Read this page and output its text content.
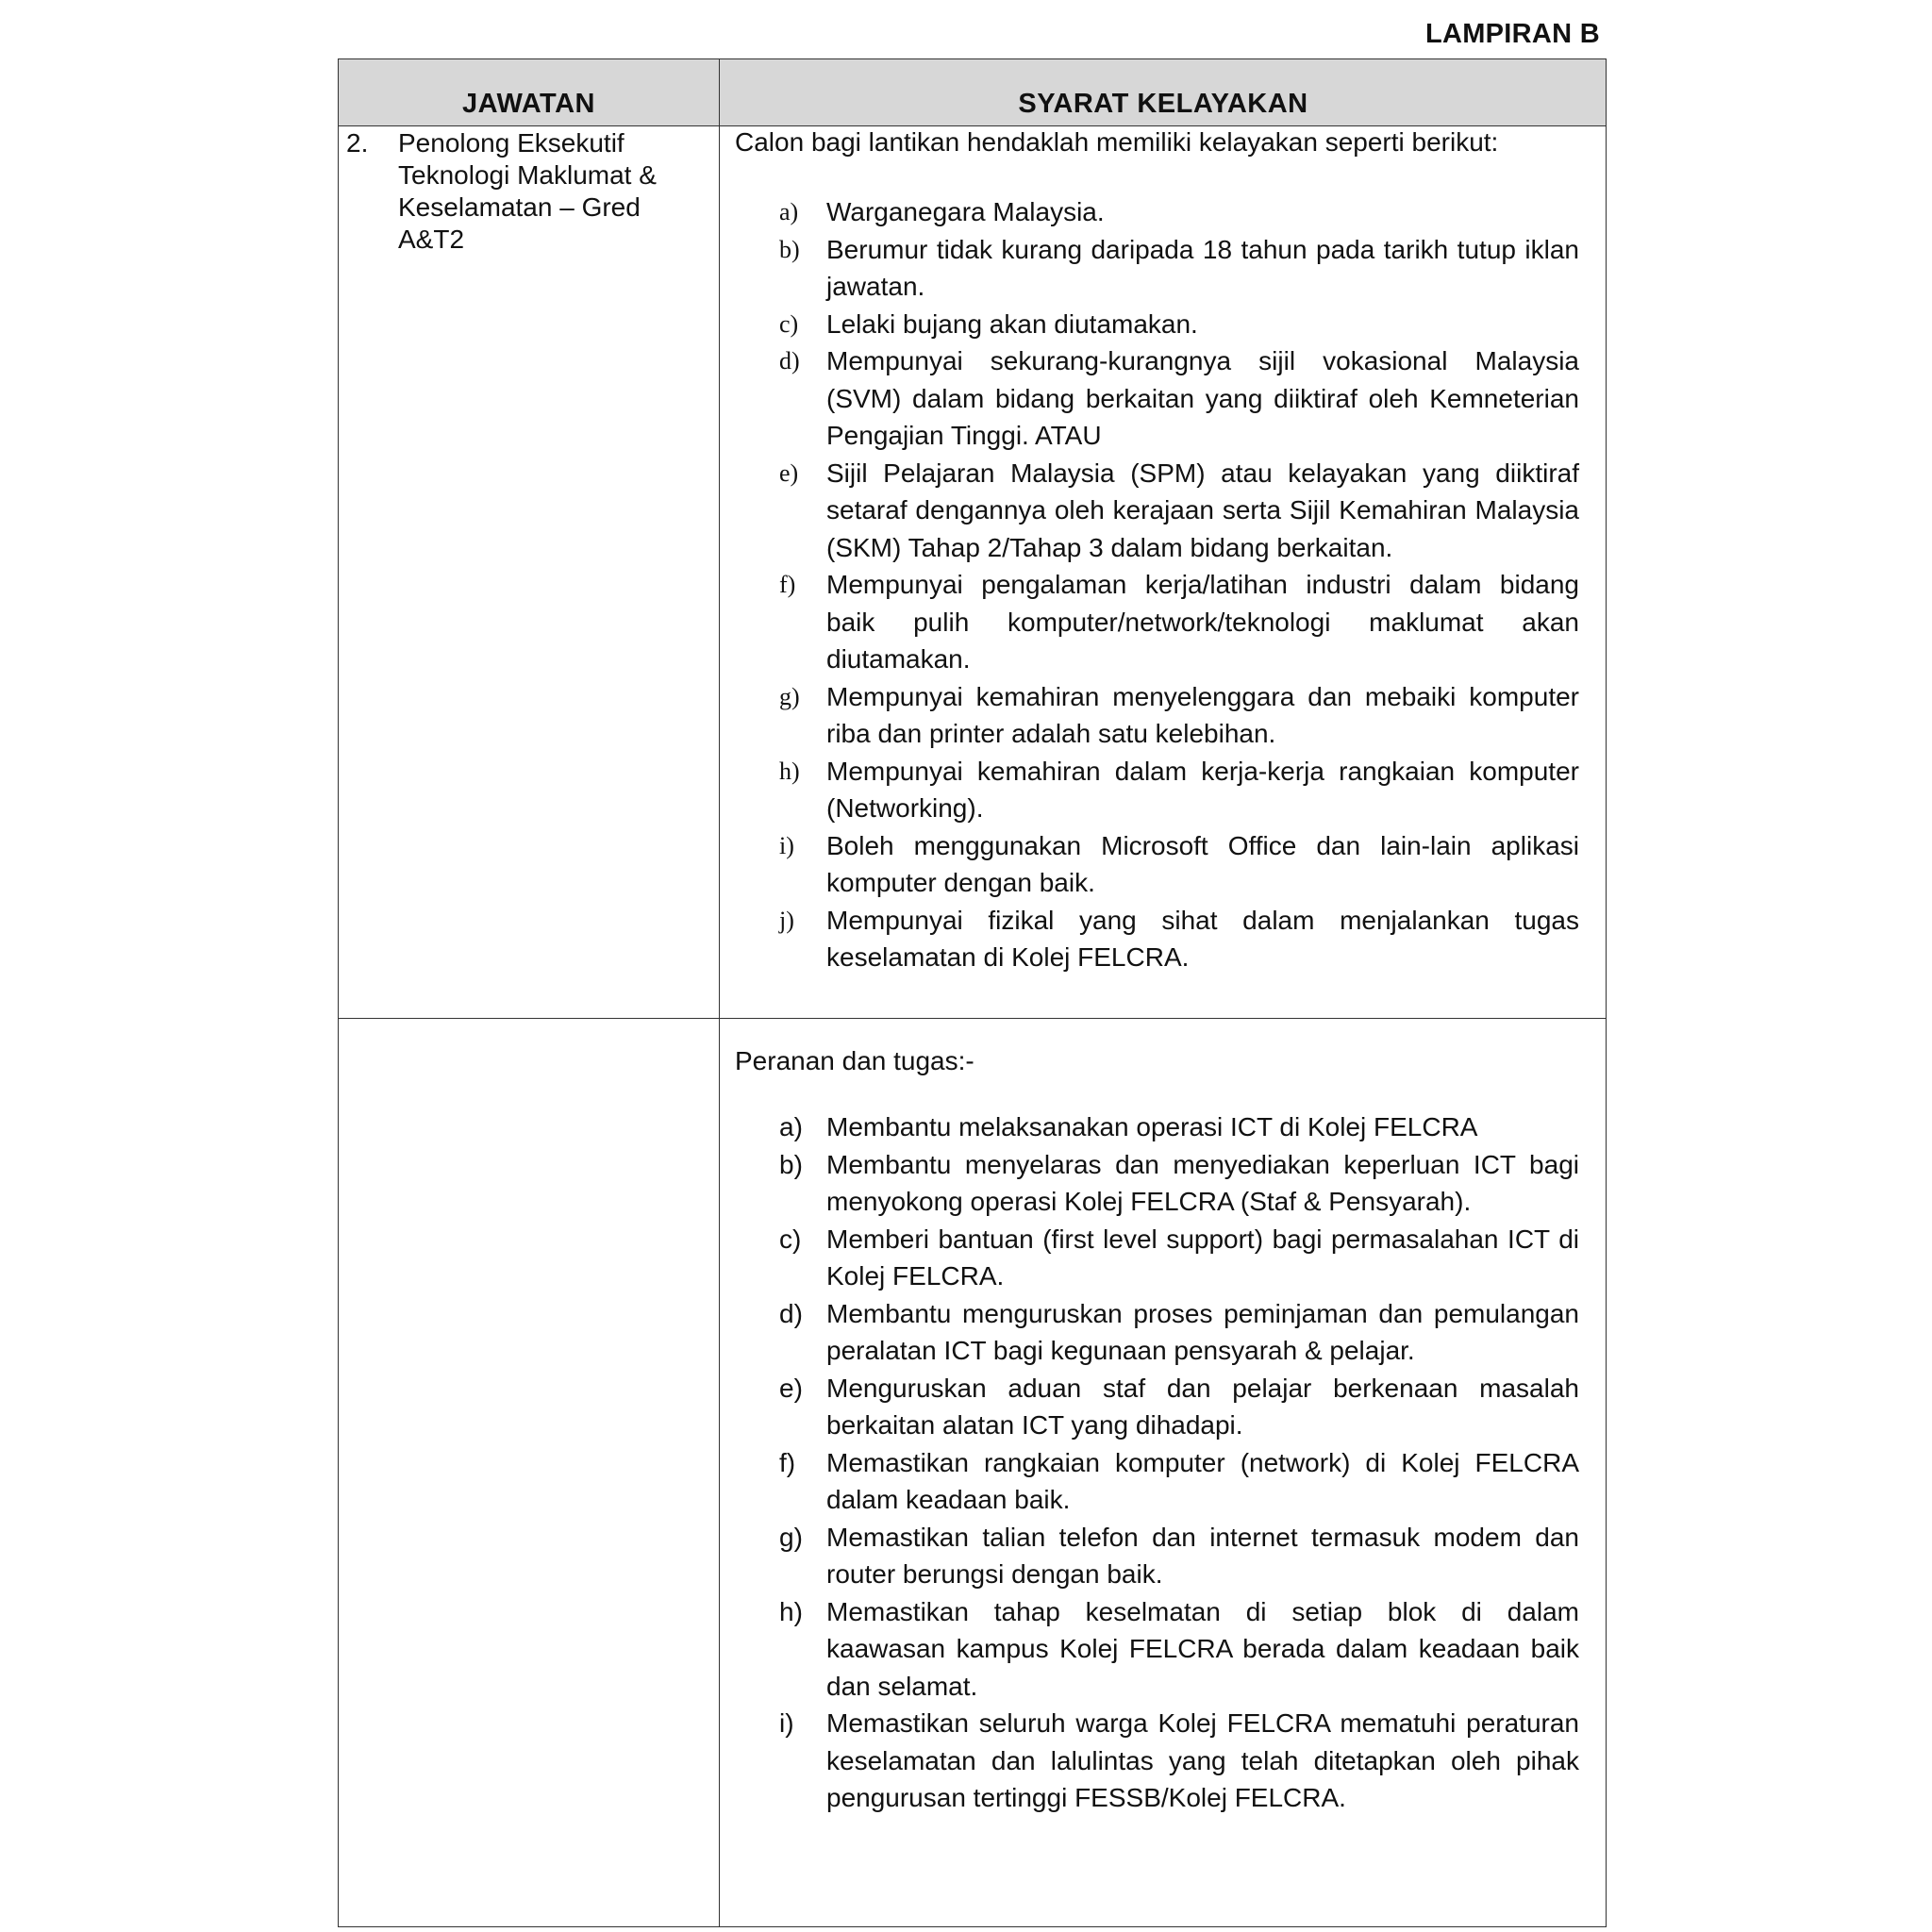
LAMPIRAN B
JAWATAN	SYARAT KELAYAKAN
2. Penolong Eksekutif Teknologi Maklumat & Keselamatan – Gred A&T2
Calon bagi lantikan hendaklah memiliki kelayakan seperti berikut:
a) Warganegara Malaysia.
b) Berumur tidak kurang daripada 18 tahun pada tarikh tutup iklan jawatan.
c) Lelaki bujang akan diutamakan.
d) Mempunyai sekurang-kurangnya sijil vokasional Malaysia (SVM) dalam bidang berkaitan yang diiktiraf oleh Kemneterian Pengajian Tinggi. ATAU
e) Sijil Pelajaran Malaysia (SPM) atau kelayakan yang diiktiraf setaraf dengannya oleh kerajaan serta Sijil Kemahiran Malaysia (SKM) Tahap 2/Tahap 3 dalam bidang berkaitan.
f) Mempunyai pengalaman kerja/latihan industri dalam bidang baik pulih komputer/network/teknologi maklumat akan diutamakan.
g) Mempunyai kemahiran menyelenggara dan mebaiki komputer riba dan printer adalah satu kelebihan.
h) Mempunyai kemahiran dalam kerja-kerja rangkaian komputer (Networking).
i) Boleh menggunakan Microsoft Office dan lain-lain aplikasi komputer dengan baik.
j) Mempunyai fizikal yang sihat dalam menjalankan tugas keselamatan di Kolej FELCRA.
Peranan dan tugas:-
a) Membantu melaksanakan operasi ICT di Kolej FELCRA
b) Membantu menyelaras dan menyediakan keperluan ICT bagi menyokong operasi Kolej FELCRA (Staf & Pensyarah).
c) Memberi bantuan (first level support) bagi permasalahan ICT di Kolej FELCRA.
d) Membantu menguruskan proses peminjaman dan pemulangan peralatan ICT bagi kegunaan pensyarah & pelajar.
e) Menguruskan aduan staf dan pelajar berkenaan masalah berkaitan alatan ICT yang dihadapi.
f) Memastikan rangkaian komputer (network) di Kolej FELCRA dalam keadaan baik.
g) Memastikan talian telefon dan internet termasuk modem dan router berungsi dengan baik.
h) Memastikan tahap keselmatan di setiap blok di dalam kaawasan kampus Kolej FELCRA berada dalam keadaan baik dan selamat.
i) Memastikan seluruh warga Kolej FELCRA mematuhi peraturan keselamatan dan lalulintas yang telah ditetapkan oleh pihak pengurusan tertinggi FESSB/Kolej FELCRA.
